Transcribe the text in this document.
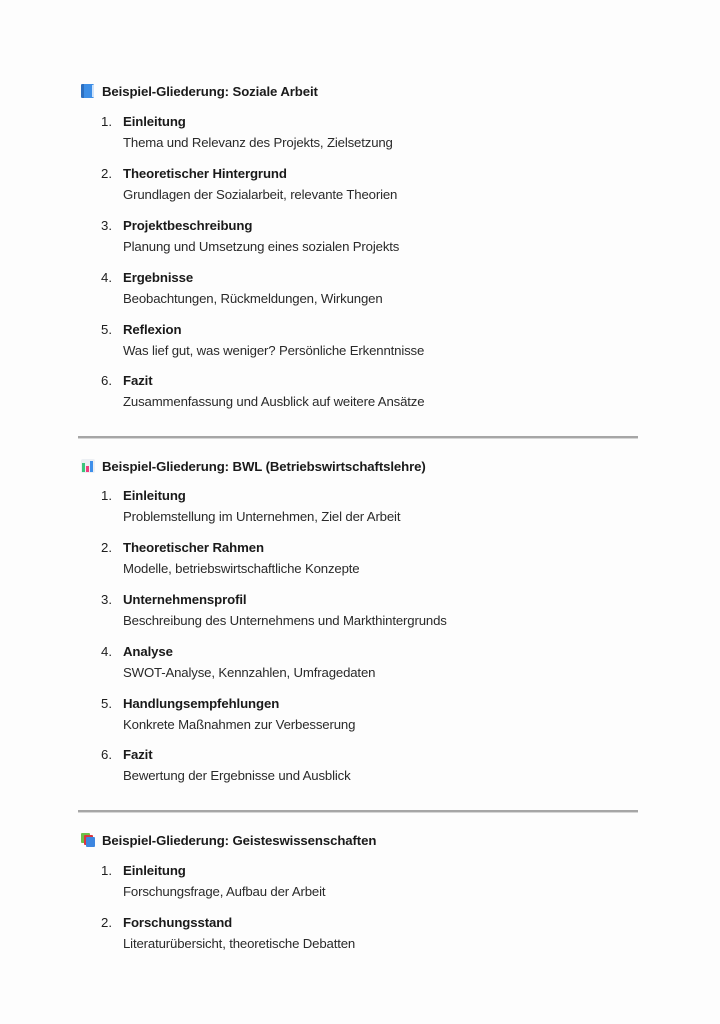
Beispiel-Gliederung: Soziale Arbeit
1. Einleitung
Thema und Relevanz des Projekts, Zielsetzung
2. Theoretischer Hintergrund
Grundlagen der Sozialarbeit, relevante Theorien
3. Projektbeschreibung
Planung und Umsetzung eines sozialen Projekts
4. Ergebnisse
Beobachtungen, Rückmeldungen, Wirkungen
5. Reflexion
Was lief gut, was weniger? Persönliche Erkenntnisse
6. Fazit
Zusammenfassung und Ausblick auf weitere Ansätze
Beispiel-Gliederung: BWL (Betriebswirtschaftslehre)
1. Einleitung
Problemstellung im Unternehmen, Ziel der Arbeit
2. Theoretischer Rahmen
Modelle, betriebswirtschaftliche Konzepte
3. Unternehmensprofil
Beschreibung des Unternehmens und Markthintergrunds
4. Analyse
SWOT-Analyse, Kennzahlen, Umfragedaten
5. Handlungsempfehlungen
Konkrete Maßnahmen zur Verbesserung
6. Fazit
Bewertung der Ergebnisse und Ausblick
Beispiel-Gliederung: Geisteswissenschaften
1. Einleitung
Forschungsfrage, Aufbau der Arbeit
2. Forschungsstand
Literaturübersicht, theoretische Debatten
